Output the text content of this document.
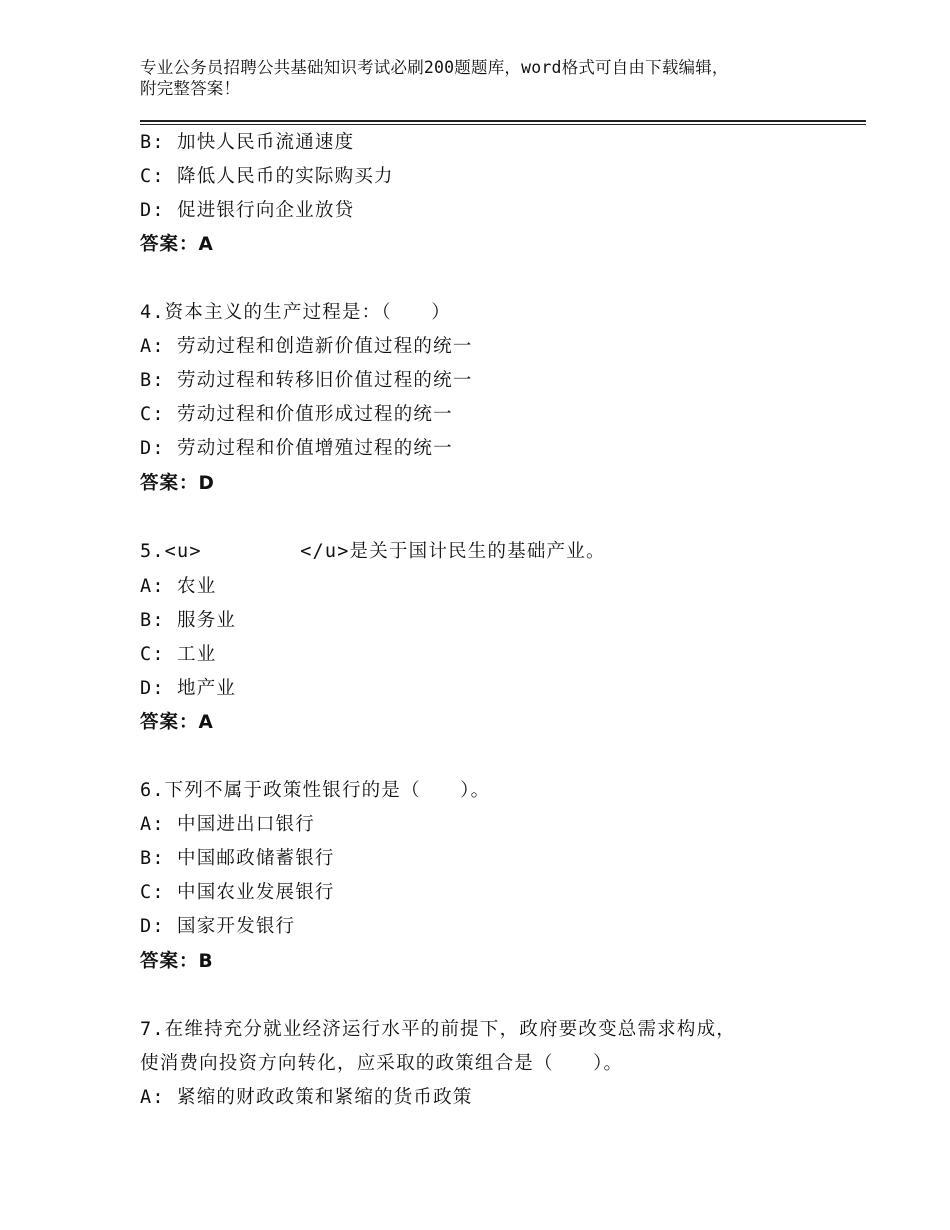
专业公务员招聘公共基础知识考试必刷200题题库，word格式可自由下载编辑，
附完整答案！
B: 加快人民币流通速度
C: 降低人民币的实际购买力
D: 促进银行向企业放贷
答案：A
4.资本主义的生产过程是：（　　）
A: 劳动过程和创造新价值过程的统一
B: 劳动过程和转移旧价值过程的统一
C: 劳动过程和价值形成过程的统一
D: 劳动过程和价值增殖过程的统一
答案：D
5.<u>　　　　　</u>是关于国计民生的基础产业。
A: 农业
B: 服务业
C: 工业
D: 地产业
答案：A
6.下列不属于政策性银行的是（　　）。
A: 中国进出口银行
B: 中国邮政储蓄银行
C: 中国农业发展银行
D: 国家开发银行
答案：B
7.在维持充分就业经济运行水平的前提下，政府要改变总需求构成，
使消费向投资方向转化，应采取的政策组合是（　　）。
A: 紧缩的财政政策和紧缩的货币政策
